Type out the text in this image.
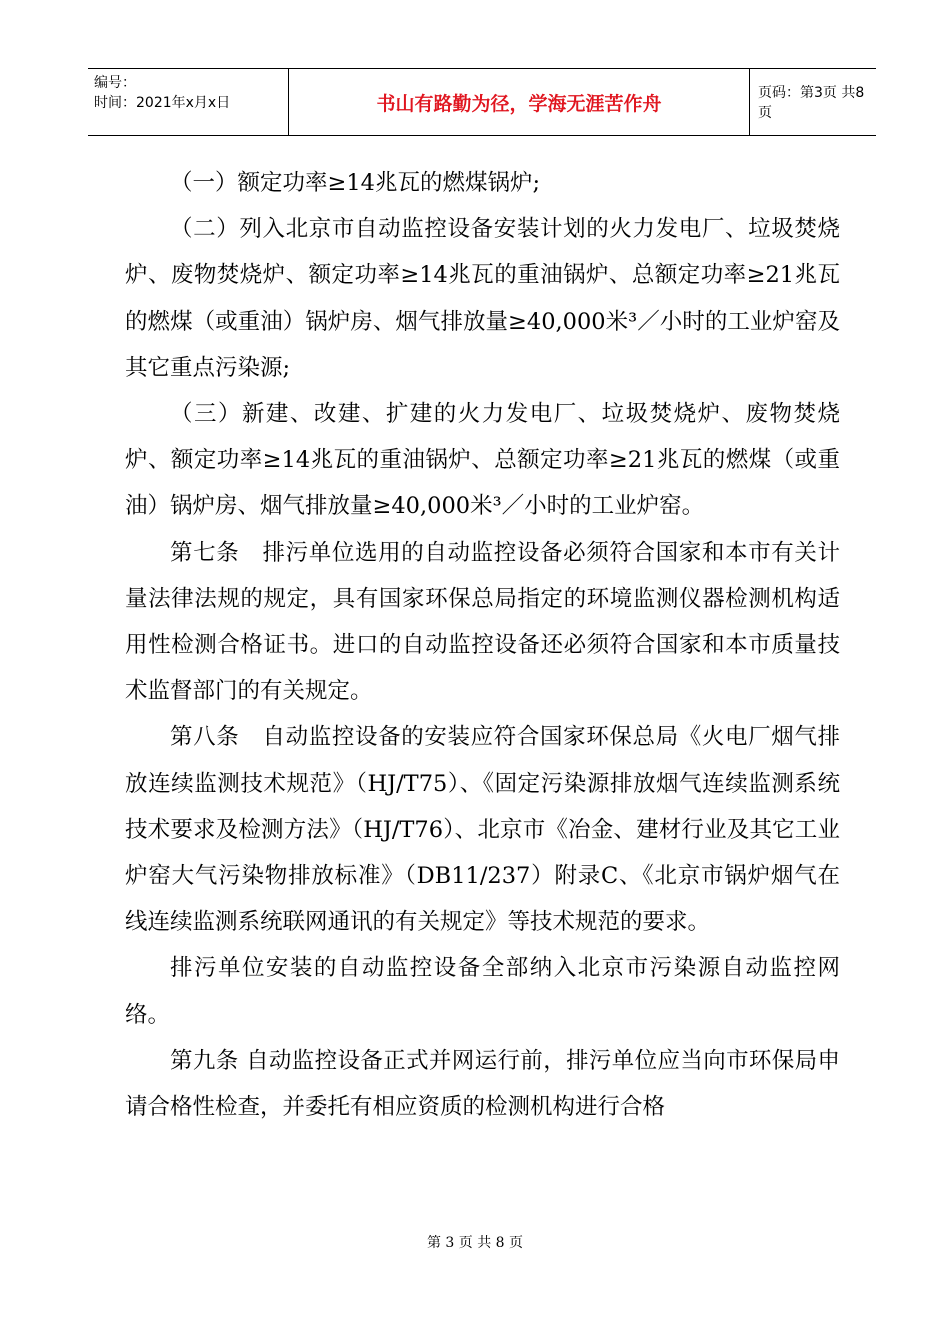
编号：
时间：2021年x月x日	书山有路勤为径，学海无涯苦作舟	页码：第3页 共8页

（一）额定功率≥14兆瓦的燃煤锅炉;

（二）列入北京市自动监控设备安装计划的火力发电厂、垃圾焚烧炉、废物焚烧炉、额定功率≥14兆瓦的重油锅炉、总额定功率≥21兆瓦的燃煤（或重油）锅炉房、烟气排放量≥40,000米³／小时的工业炉窑及其它重点污染源;

（三）新建、改建、扩建的火力发电厂、垃圾焚烧炉、废物焚烧炉、额定功率≥14兆瓦的重油锅炉、总额定功率≥21兆瓦的燃煤（或重油）锅炉房、烟气排放量≥40,000米³／小时的工业炉窑。

第七条　排污单位选用的自动监控设备必须符合国家和本市有关计量法律法规的规定，具有国家环保总局指定的环境监测仪器检测机构适用性检测合格证书。进口的自动监控设备还必须符合国家和本市质量技术监督部门的有关规定。

第八条　自动监控设备的安装应符合国家环保总局《火电厂烟气排放连续监测技术规范》（HJ/T75）、《固定污染源排放烟气连续监测系统技术要求及检测方法》（HJ/T76）、北京市《冶金、建材行业及其它工业炉窑大气污染物排放标准》（DB11/237）附录C、《北京市锅炉烟气在线连续监测系统联网通讯的有关规定》等技术规范的要求。

排污单位安装的自动监控设备全部纳入北京市污染源自动监控网络。

第九条 自动监控设备正式并网运行前，排污单位应当向市环保局申请合格性检查，并委托有相应资质的检测机构进行合格

第 3 页 共 8 页
